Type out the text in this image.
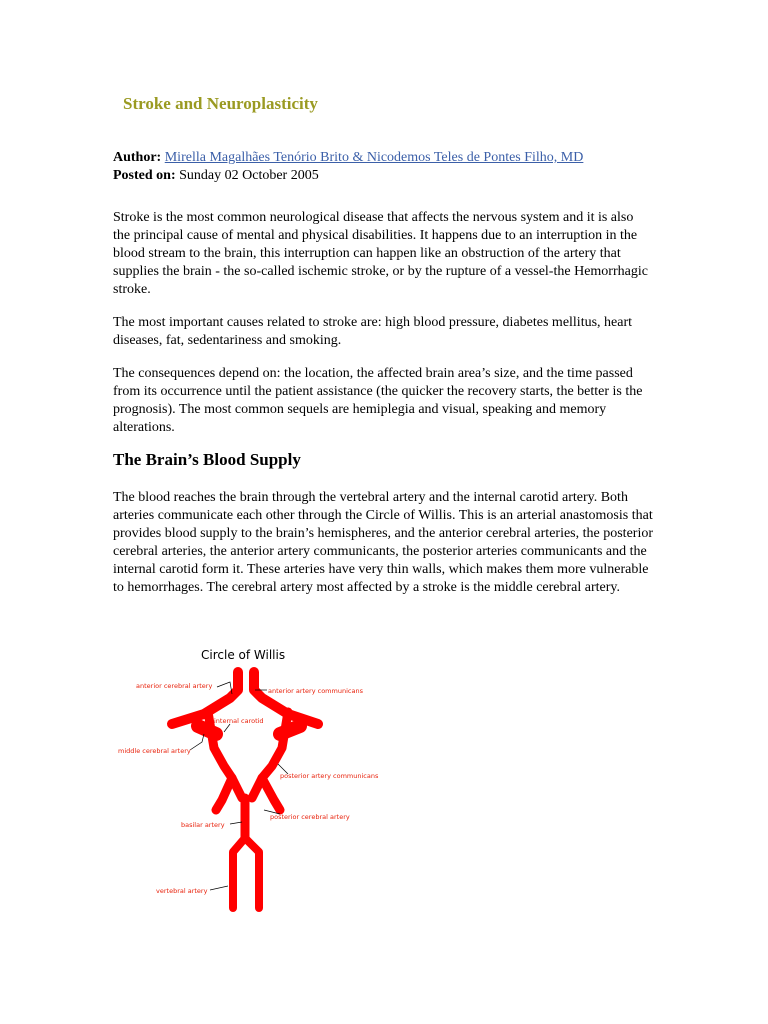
Stroke and Neuroplasticity
Author: Mirella Magalhães Tenório Brito & Nicodemos Teles de Pontes Filho, MD
Posted on: Sunday 02 October 2005

Stroke is the most common neurological disease that affects the nervous system and it is also the principal cause of mental and physical disabilities. It happens due to an interruption in the blood stream to the brain, this interruption can happen like an obstruction of the artery that supplies the brain - the so-called ischemic stroke, or by the rupture of a vessel-the Hemorrhagic stroke.

The most important causes related to stroke are: high blood pressure, diabetes mellitus, heart diseases, fat, sedentariness and smoking.

The consequences depend on: the location, the affected brain area’s size, and the time passed from its occurrence until the patient assistance (the quicker the recovery starts, the better is the prognosis). The most common sequels are hemiplegia and visual, speaking and memory alterations.

The Brain’s Blood Supply

The blood reaches the brain through the vertebral artery and the internal carotid artery. Both arteries communicate each other through the Circle of Willis. This is an arterial anastomosis that provides blood supply to the brain’s hemispheres, and the anterior cerebral arteries, the posterior cerebral arteries, the anterior artery communicants, the posterior arteries communicants and the internal carotid form it. These arteries have very thin walls, which makes them more vulnerable to hemorrhages. The cerebral artery most affected by a stroke is the middle cerebral artery.

Circle of Willis
anterior cerebral artery
anterior artery communicans
internal carotid
middle cerebral artery
posterior artery communicans
posterior cerebral artery
basilar artery
vertebral artery
